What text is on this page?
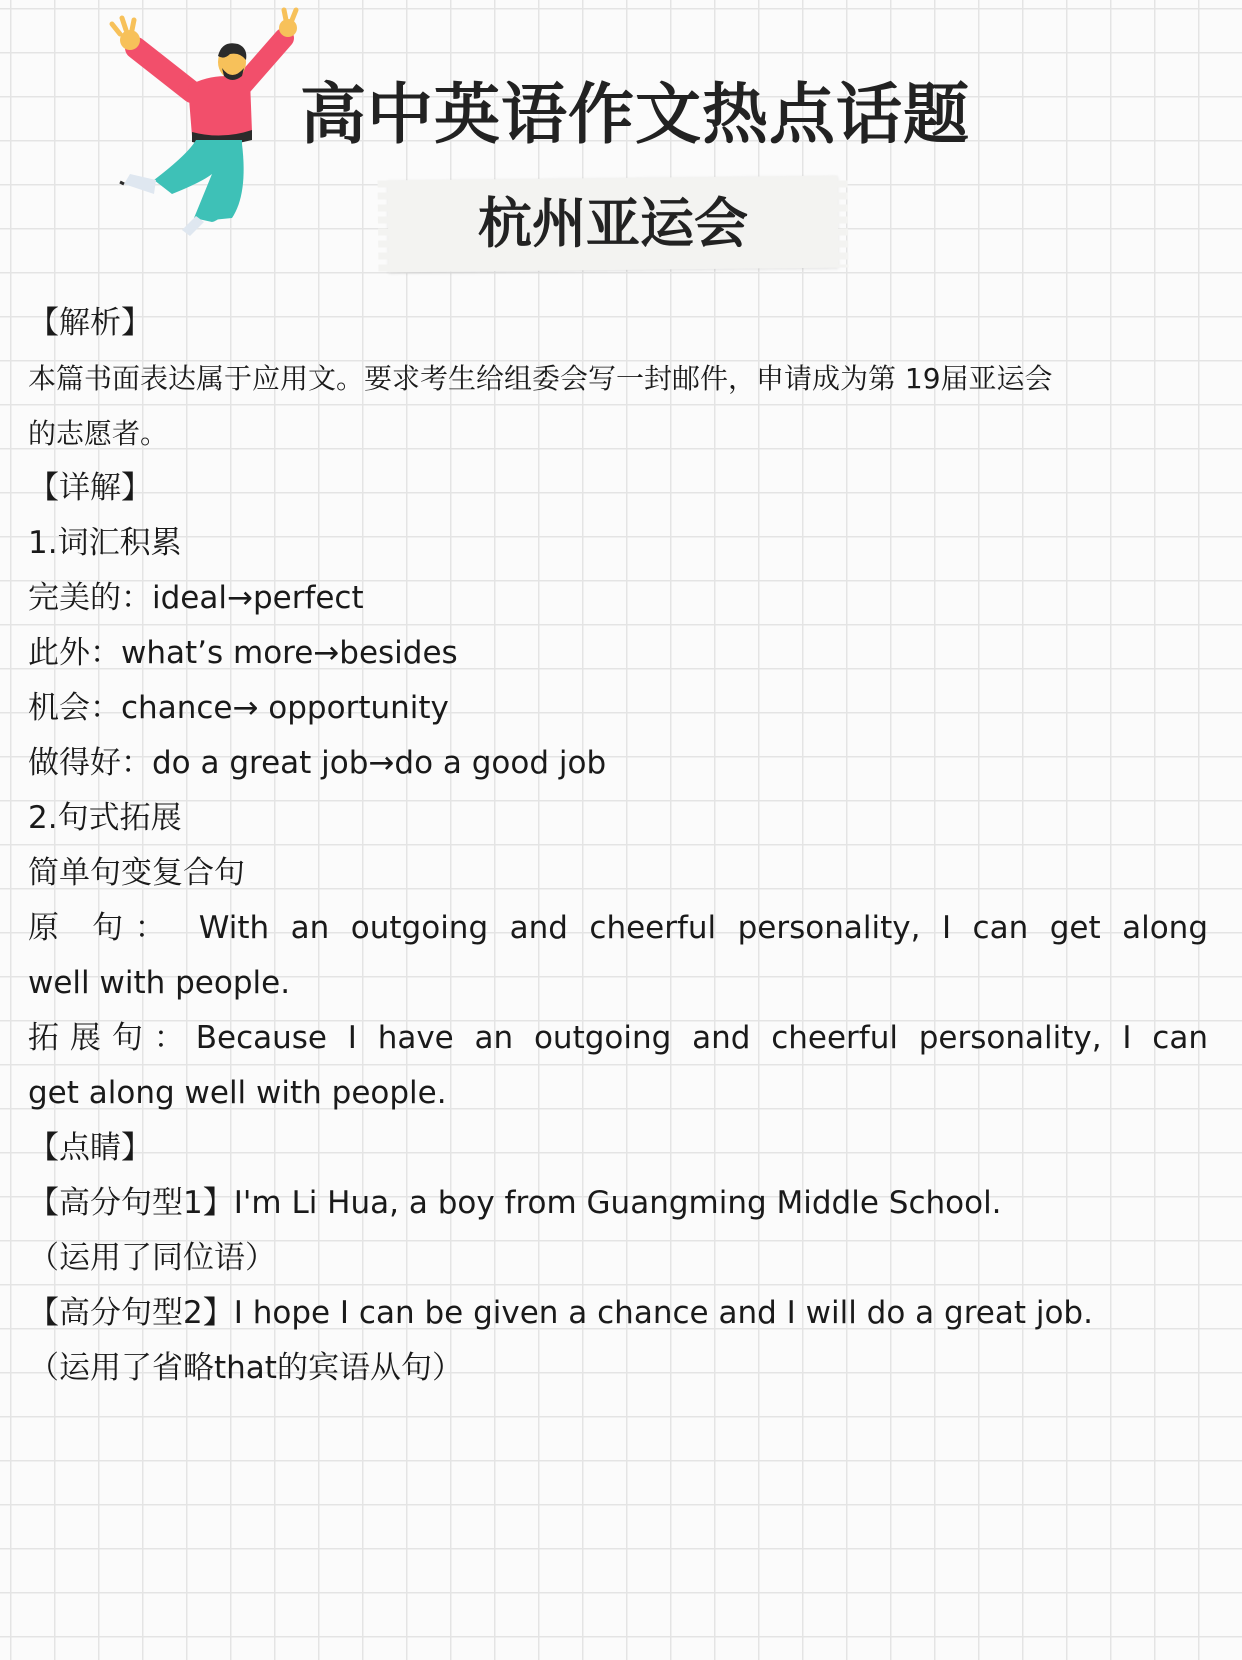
高中英语作文热点话题
杭州亚运会
【解析】
本篇书面表达属于应用文。要求考生给组委会写一封邮件，申请成为第 19届亚运会
的志愿者。
【详解】
1.词汇积累
完美的：ideal→perfect
此外：what’s more→besides
机会：chance→ opportunity
做得好：do a great job→do a good job
2.句式拓展
简单句变复合句
原 句： With an outgoing and cheerful personality, I can get along
well with people.
拓展句：Because I have an outgoing and cheerful personality, I can
get along well with people.
【点睛】
【高分句型1】I'm Li Hua, a boy from Guangming Middle School.
（运用了同位语）
【高分句型2】I hope I can be given a chance and I will do a great job.
（运用了省略that的宾语从句）
